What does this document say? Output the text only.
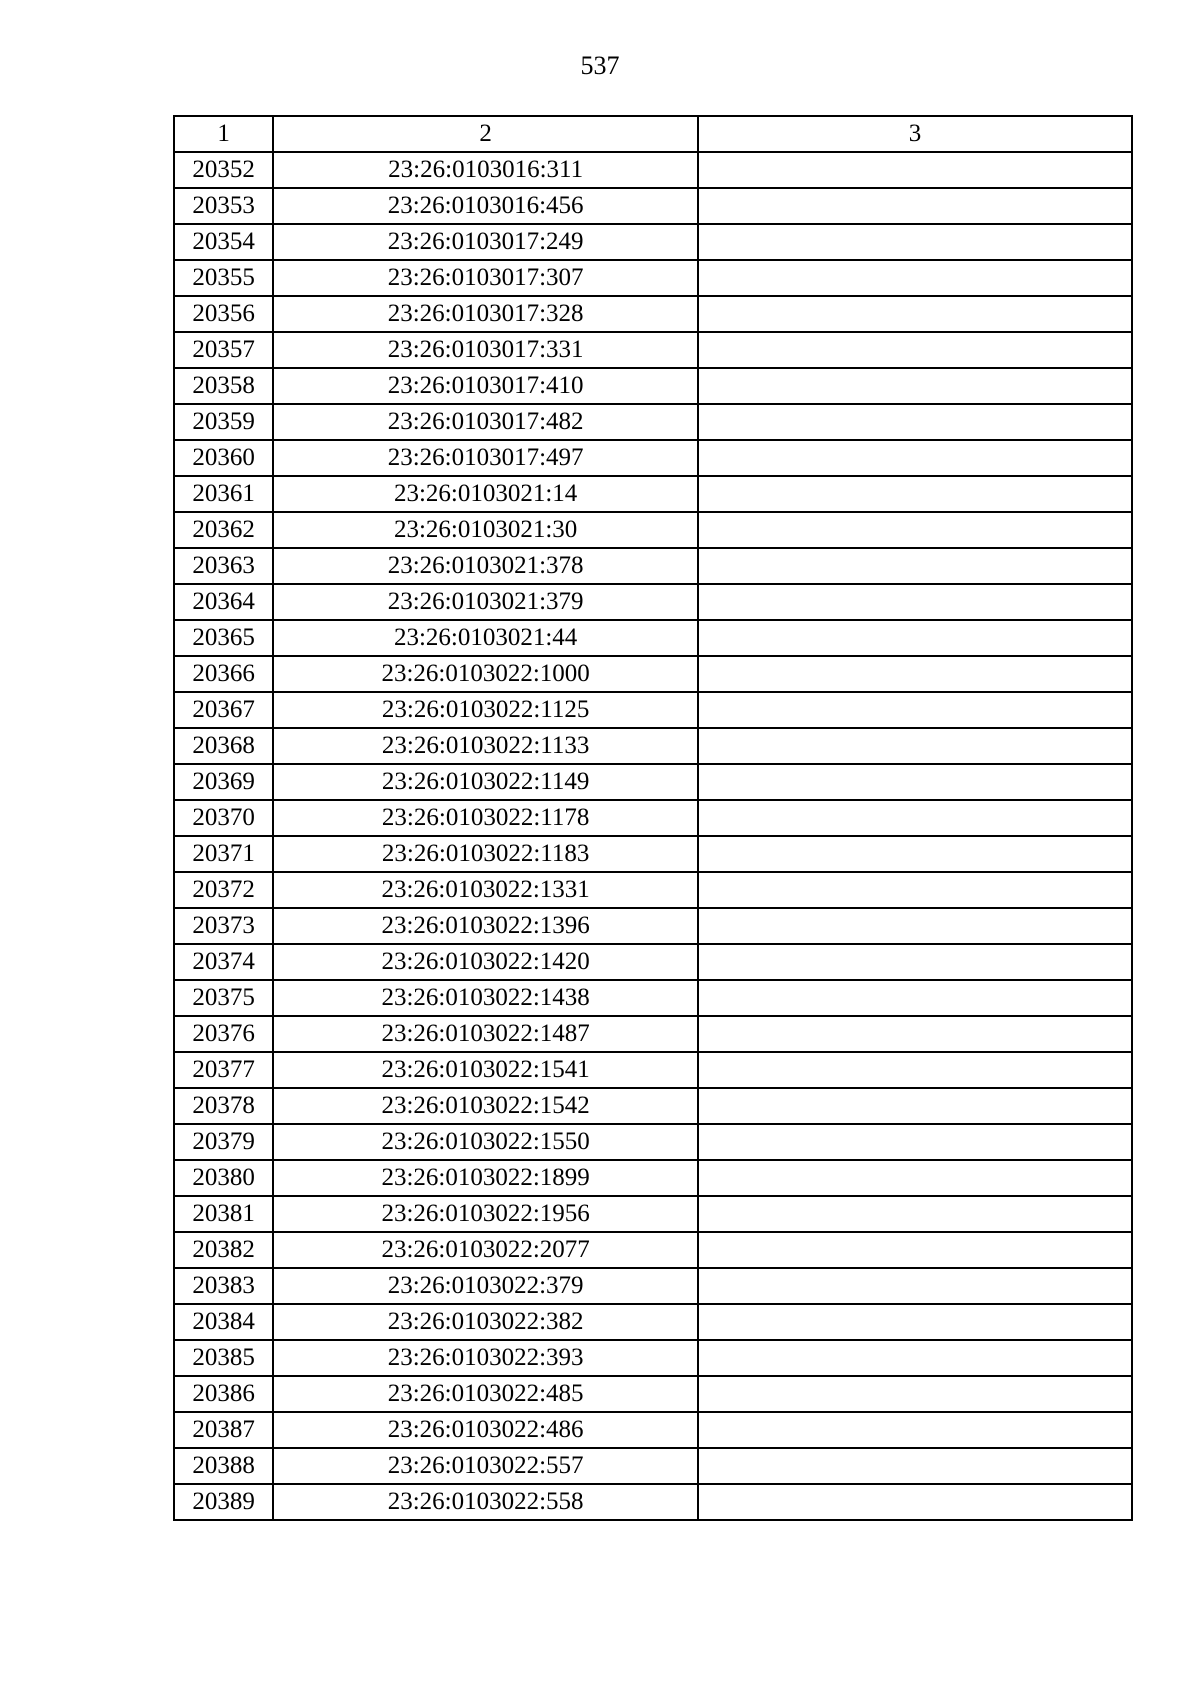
537
1	2	3
20352	23:26:0103016:311	
20353	23:26:0103016:456	
20354	23:26:0103017:249	
20355	23:26:0103017:307	
20356	23:26:0103017:328	
20357	23:26:0103017:331	
20358	23:26:0103017:410	
20359	23:26:0103017:482	
20360	23:26:0103017:497	
20361	23:26:0103021:14	
20362	23:26:0103021:30	
20363	23:26:0103021:378	
20364	23:26:0103021:379	
20365	23:26:0103021:44	
20366	23:26:0103022:1000	
20367	23:26:0103022:1125	
20368	23:26:0103022:1133	
20369	23:26:0103022:1149	
20370	23:26:0103022:1178	
20371	23:26:0103022:1183	
20372	23:26:0103022:1331	
20373	23:26:0103022:1396	
20374	23:26:0103022:1420	
20375	23:26:0103022:1438	
20376	23:26:0103022:1487	
20377	23:26:0103022:1541	
20378	23:26:0103022:1542	
20379	23:26:0103022:1550	
20380	23:26:0103022:1899	
20381	23:26:0103022:1956	
20382	23:26:0103022:2077	
20383	23:26:0103022:379	
20384	23:26:0103022:382	
20385	23:26:0103022:393	
20386	23:26:0103022:485	
20387	23:26:0103022:486	
20388	23:26:0103022:557	
20389	23:26:0103022:558	
